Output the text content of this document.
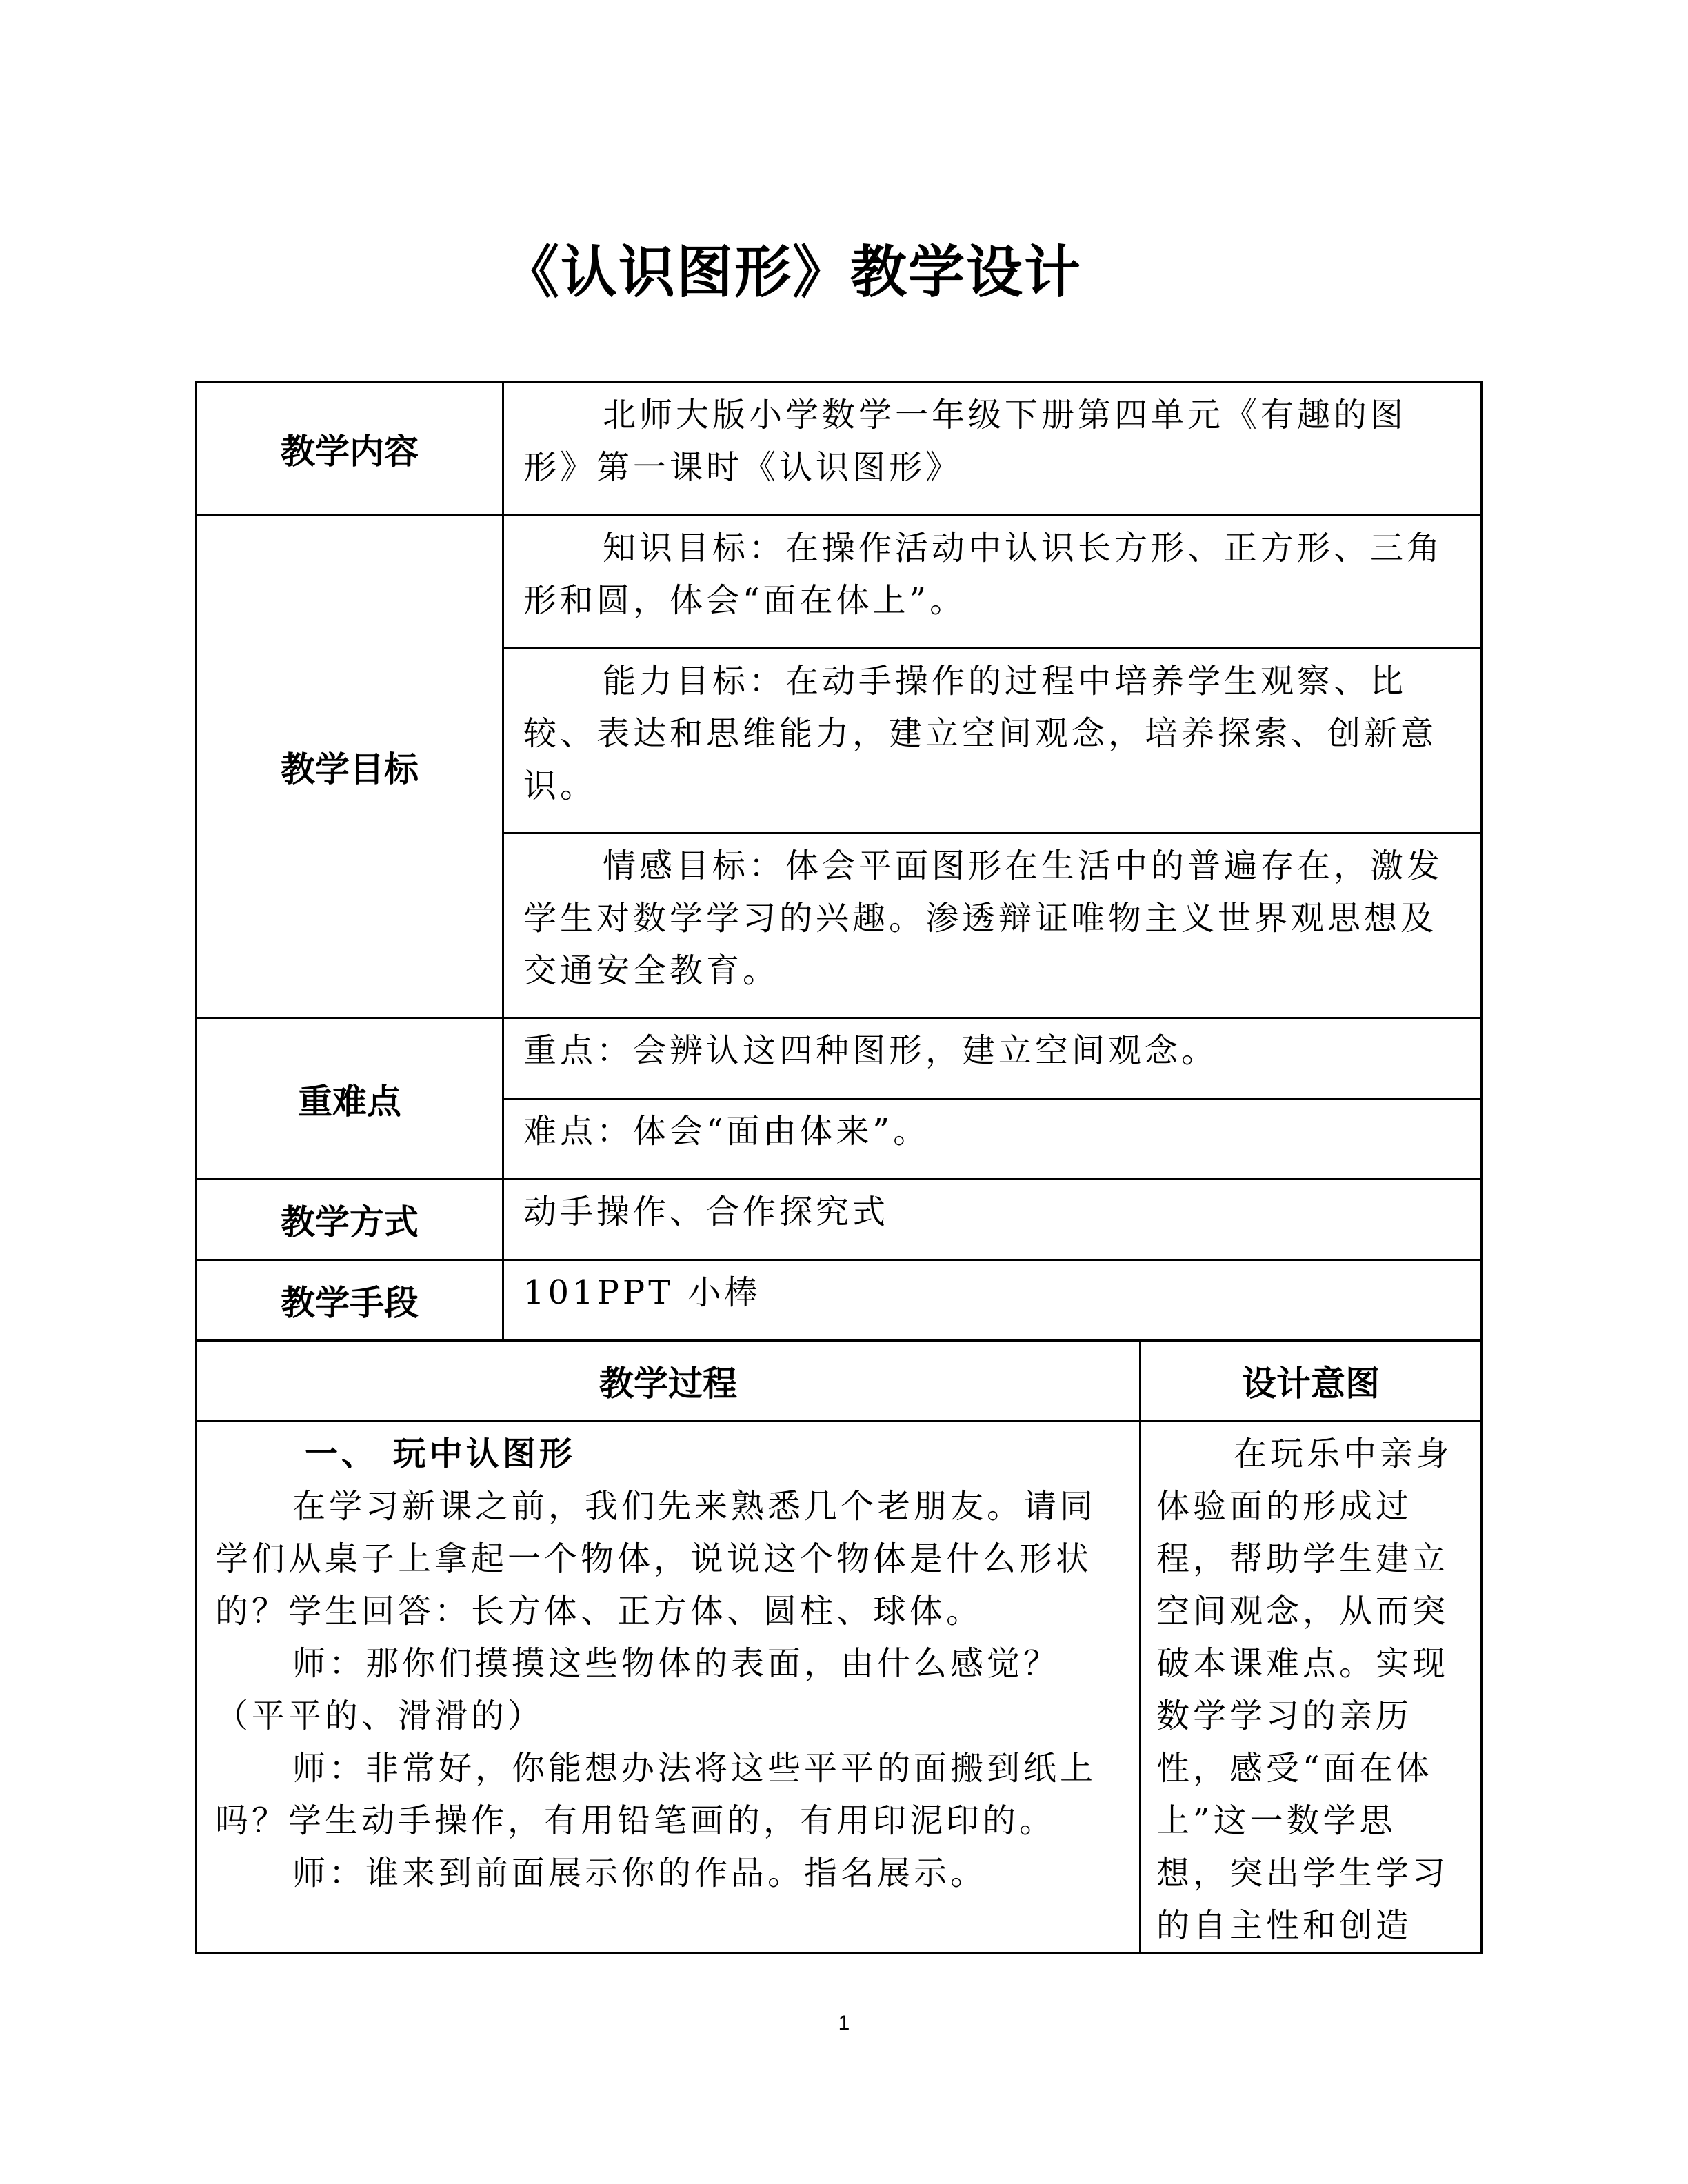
《认识图形》教学设计
教学内容	北师大版小学数学一年级下册第四单元《有趣的图形》第一课时《认识图形》	
教学目标	知识目标：在操作活动中认识长方形、正方形、三角形和圆，体会“面在体上”。	
	能力目标：在动手操作的过程中培养学生观察、比较、表达和思维能力，建立空间观念，培养探索、创新意识。	
	情感目标：体会平面图形在生活中的普遍存在，激发学生对数学学习的兴趣。渗透辩证唯物主义世界观思想及交通安全教育。	
重难点	重点：会辨认这四种图形，建立空间观念。	
	难点：体会“面由体来”。	
教学方式	动手操作、合作探究式	
教学手段	101PPT 小棒	
教学过程		设计意图

一、 玩中认图形

在学习新课之前，我们先来熟悉几个老朋友。请同学们从桌子上拿起一个物体，说说这个物体是什么形状的？学生回答：长方体、正方体、圆柱、球体。

师：那你们摸摸这些物体的表面，由什么感觉？（平平的、滑滑的）

师：非常好，你能想办法将这些平平的面搬到纸上吗？学生动手操作，有用铅笔画的，有用印泥印的。

师：谁来到前面展示你的作品。指名展示。		在玩乐中亲身体验面的形成过程，帮助学生建立空间观念，从而突破本课难点。实现数学学习的亲历性，感受“面在体上”这一数学思想，突出学生学习的自主性和创造

1
